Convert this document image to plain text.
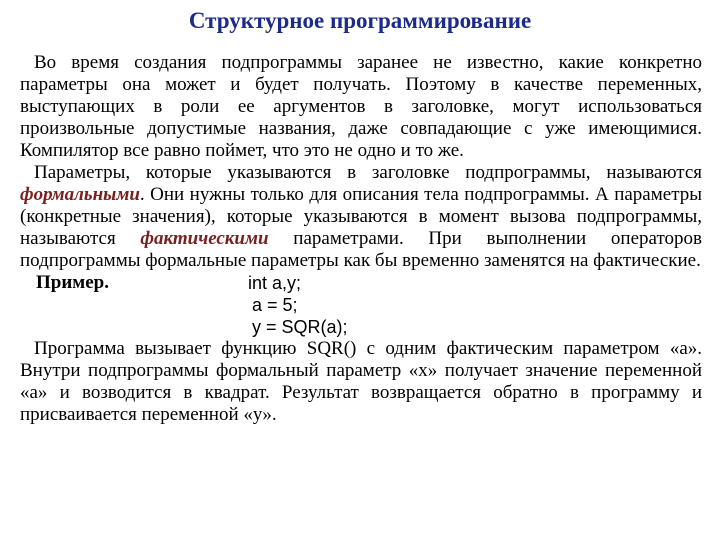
Структурное программирование

Во время создания подпрограммы заранее не известно, какие конкретно параметры она может и будет получать. Поэтому в качестве переменных, выступающих в роли ее аргументов в заголовке, могут использоваться произвольные допустимые названия, даже совпадающие с уже имеющимися. Компилятор все равно поймет, что это не одно и то же.

Параметры, которые указываются в заголовке подпрограммы, называются формальными. Они нужны только для описания тела подпрограммы. А параметры (конкретные значения), которые указываются в момент вызова подпрограммы, называются фактическими параметрами. При выполнении операторов подпрограммы формальные параметры как бы временно заменятся на фактические.

Пример.	int a,y;
a = 5;
y = SQR(a);

Программа вызывает функцию SQR() с одним фактическим параметром «a». Внутри подпрограммы формальный параметр «x» получает значение переменной «a» и возводится в квадрат. Результат возвращается обратно в программу и присваивается переменной «y».
